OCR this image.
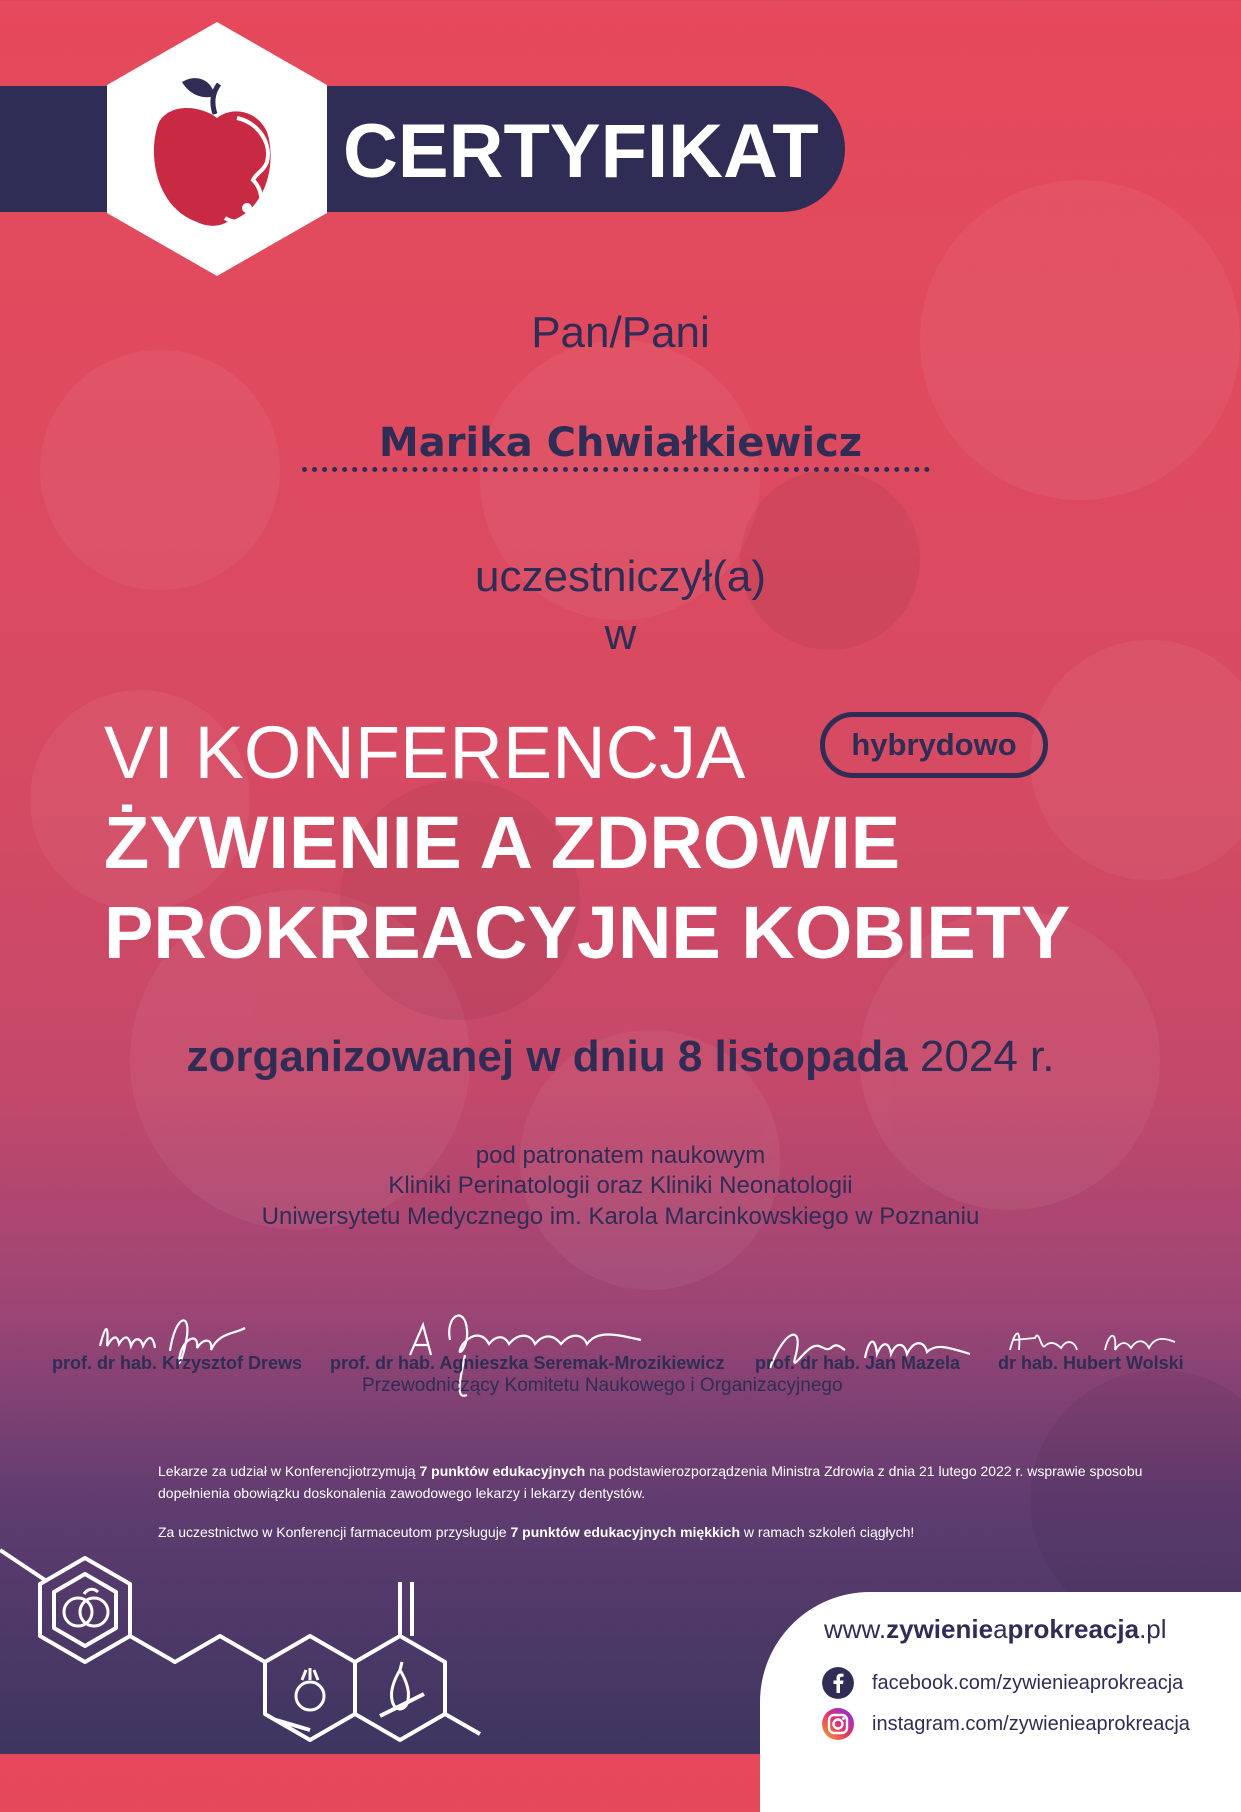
CERTYFIKAT
Pan/Pani
Marika Chwiałkiewicz
uczestniczył(a)
w
VI KONFERENCJA	hybrydowo
ŻYWIENIE A ZDROWIE
PROKREACYJNE KOBIETY
zorganizowanej w dniu 8 listopada 2024 r.
pod patronatem naukowym
Kliniki Perinatologii oraz Kliniki Neonatologii
Uniwersytetu Medycznego im. Karola Marcinkowskiego w Poznaniu
prof. dr hab. Krzysztof Drews prof. dr hab. Agnieszka Seremak-Mrozikiewicz prof. dr hab. Jan Mazela dr hab. Hubert Wolski
Przewodniczący Komitetu Naukowego i Organizacyjnego
Lekarze za udział w Konferencjiotrzymują 7 punktów edukacyjnych na podstawierozporządzenia Ministra Zdrowia z dnia 21 lutego 2022 r. wsprawie sposobu dopełnienia obowiązku doskonalenia zawodowego lekarzy i lekarzy dentystów.
Za uczestnictwo w Konferencji farmaceutom przysługuje 7 punktów edukacyjnych miękkich w ramach szkoleń ciągłych!
www.zywienieaprokreacja.pl
facebook.com/zywienieaprokreacja
instagram.com/zywienieaprokreacja
